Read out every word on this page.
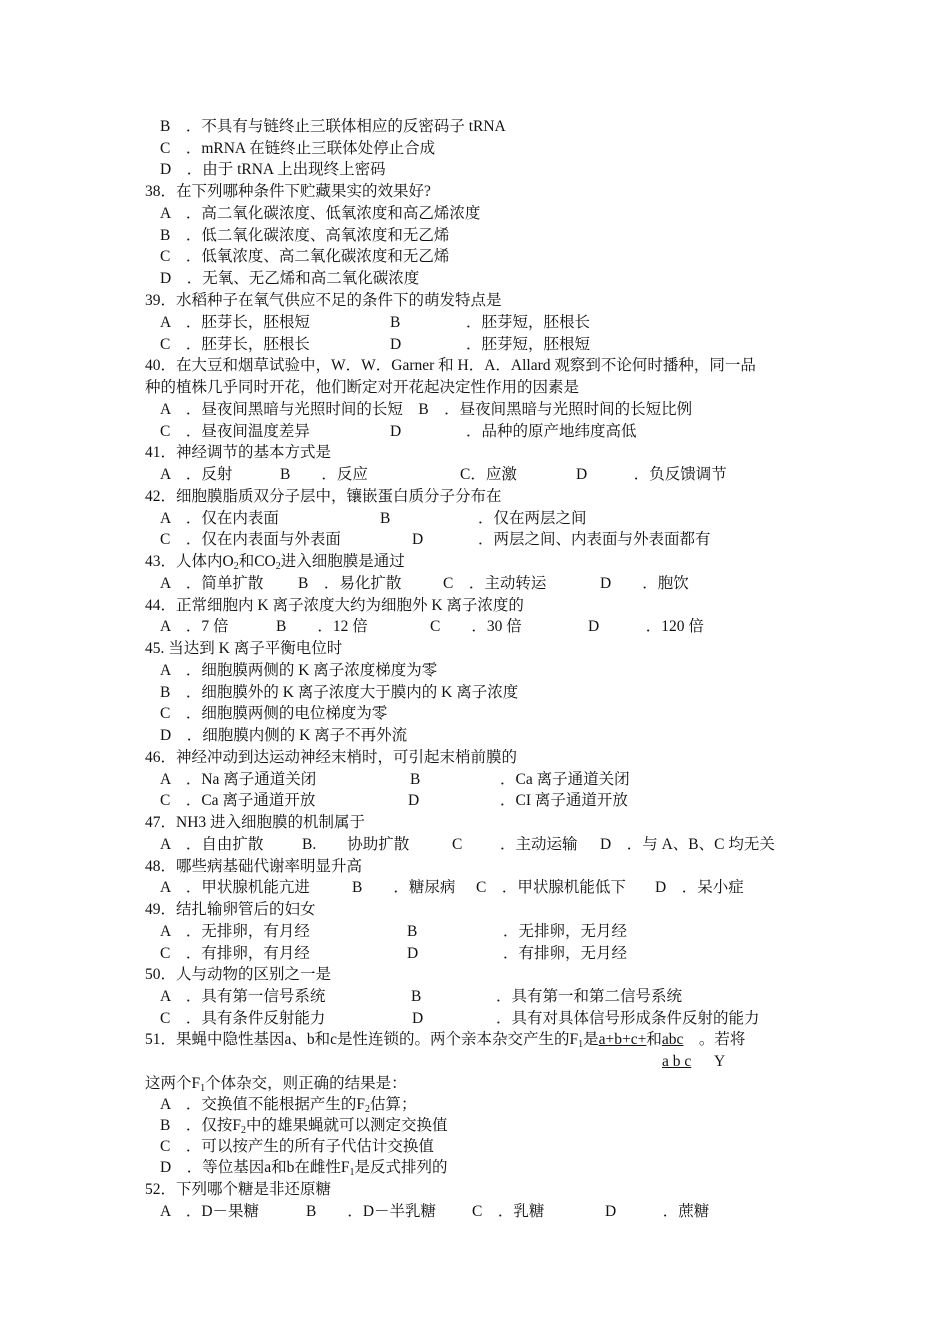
B　．不具有与链终止三联体相应的反密码子 tRNA
C　．mRNA 在链终止三联体处停止合成
D　．由于 tRNA 上出现终上密码
38．在下列哪种条件下贮藏果实的效果好?
A　．高二氧化碳浓度、低氧浓度和高乙烯浓度
B　．低二氧化碳浓度、高氧浓度和无乙烯
C　．低氧浓度、高二氧化碳浓度和无乙烯
D　．无氧、无乙烯和高二氧化碳浓度
39．水稻种子在氧气供应不足的条件下的萌发特点是
A　．胚芽长，胚根短	B	．胚芽短，胚根长
C　．胚芽长，胚根长	D	．胚芽短，胚根短
40．在大豆和烟草试验中，W．W．Garner 和 H．A．Allard 观察到不论何时播种，同一品
种的植株几乎同时开花，他们断定对开花起决定性作用的因素是
A　．昼夜间黑暗与光照时间的长短　B　．昼夜间黑暗与光照时间的长短比例
C　．昼夜间温度差异	D	．品种的原产地纬度高低
41．神经调节的基本方式是
A　．反射	B　　．反应	C．应激	D　　　．负反馈调节
42．细胞膜脂质双分子层中，镶嵌蛋白质分子分布在
A　．仅在内表面	B	．仅在两层之间
C　．仅在内表面与外表面	D	．两层之间、内表面与外表面都有
43．人体内$O_2$和$CO_2$进入细胞膜是通过
A　．简单扩散 B　．易化扩散	C　．主动转运	D　　．胞饮
44．正常细胞内 K 离子浓度大约为细胞外 K 离子浓度的
A　．7 倍	B　　．12 倍	C　　．30 倍	D　　　．120 倍
45. 当达到 K 离子平衡电位时
A　．细胞膜两侧的 K 离子浓度梯度为零
B　．细胞膜外的 K 离子浓度大于膜内的 K 离子浓度
C　．细胞膜两侧的电位梯度为零
D　．细胞膜内侧的 K 离子不再外流
46．神经冲动到达运动神经末梢时，可引起末梢前膜的
A　．Na 离子通道关闭	B	．Ca 离子通道关闭
C　．Ca 离子通道开放	D	．CI 离子通道开放
47．NH3 进入细胞膜的机制属于
A　．自由扩散 B.　　协助扩散	C ．主动运输 D　．与 A、B、C 均无关
48．哪些病基础代谢率明显升高
A　．甲状腺机能亢进	B　　．糖尿病 C　．甲状腺机能低下 D　．呆小症
49．结扎输卵管后的妇女
A　．无排卵，有月经	B	．无排卵，无月经
C　．有排卵，有月经	D	．有排卵，无月经
50．人与动物的区别之一是
A　．具有第一信号系统	B	．具有第一和第二信号系统
C　．具有条件反射能力	D	．具有对具体信号形成条件反射的能力
51．果蝇中隐性基因a、b和c是性连锁的。两个亲本杂交产生的$F_1$是a+b+c+和abc　。若将
a b c Y
这两个$F_1$个体杂交，则正确的结果是：
A　．交换值不能根据产生的$F_2$估算；
B　．仅按$F_2$中的雄果蝇就可以测定交换值
C　．可以按产生的所有子代估计交换值
D　．等位基因a和b在雌性$F_1$是反式排列的
52．下列哪个糖是非还原糖
A　．D－果糖	B　　．D－半乳糖 C　．乳糖	D　　　．蔗糖
